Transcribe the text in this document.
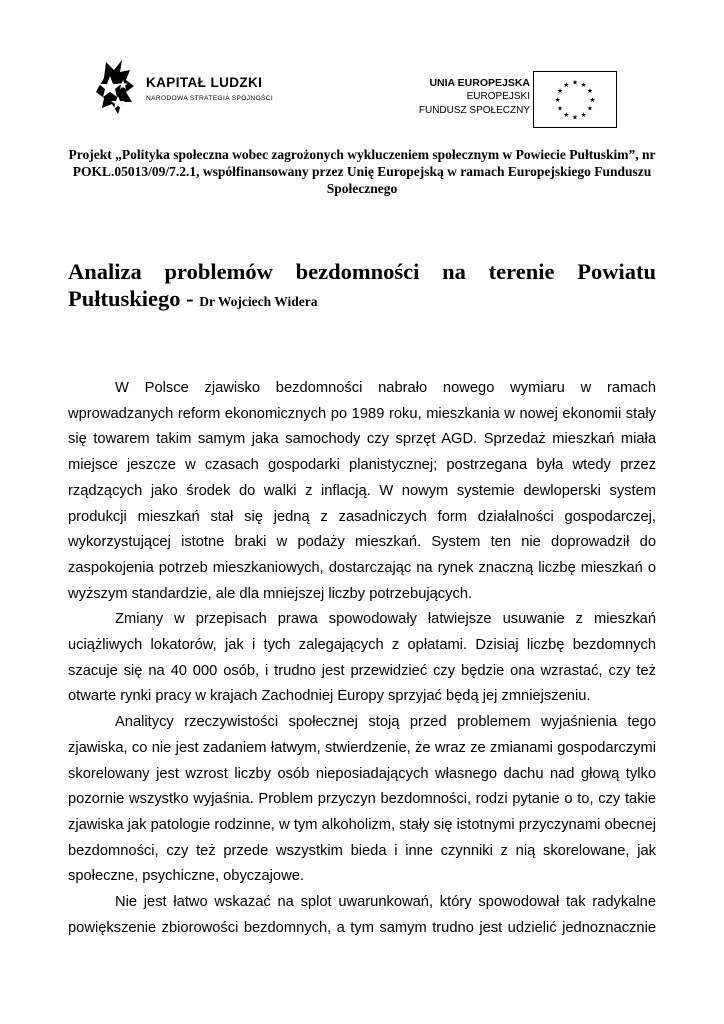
KAPITAŁ LUDZKI
NARODOWA STRATEGIA SPÓJNOŚCI
UNIA EUROPEJSKA
EUROPEJSKI
FUNDUSZ SPOŁECZNY
★ ★
★
★
★
★
★
★
★
★
★
★

Projekt „Polityka społeczna wobec zagrożonych wykluczeniem społecznym w Powiecie Pułtuskim”, nr POKL.05013/09/7.2.1, współfinansowany przez Unię Europejską w ramach Europejskiego Funduszu Społecznego

Analiza problemów bezdomności na terenie Powiatu Pułtuskiego - Dr Wojciech Widera

W Polsce zjawisko bezdomności nabrało nowego wymiaru w ramach wprowadzanych reform ekonomicznych po 1989 roku, mieszkania w nowej ekonomii stały się towarem takim samym jaka samochody czy sprzęt AGD. Sprzedaż mieszkań miała miejsce jeszcze w czasach gospodarki planistycznej; postrzegana była wtedy przez rządzących jako środek do walki z inflacją. W nowym systemie dewloperski system produkcji mieszkań stał się jedną z zasadniczych form działalności gospodarczej, wykorzystującej istotne braki w podaży mieszkań. System ten nie doprowadził do zaspokojenia potrzeb mieszkaniowych, dostarczając na rynek znaczną liczbę mieszkań o wyższym standardzie, ale dla mniejszej liczby potrzebujących.

Zmiany w przepisach prawa spowodowały łatwiejsze usuwanie z mieszkań uciążliwych lokatorów, jak i tych zalegających z opłatami. Dzisiaj liczbę bezdomnych szacuje się na 40 000 osób, i trudno jest przewidzieć czy będzie ona wzrastać, czy też otwarte rynki pracy w krajach Zachodniej Europy sprzyjać będą jej zmniejszeniu.

Analitycy rzeczywistości społecznej stoją przed problemem wyjaśnienia tego zjawiska, co nie jest zadaniem łatwym, stwierdzenie, że wraz ze zmianami gospodarczymi skorelowany jest wzrost liczby osób nieposiadających własnego dachu nad głową tylko pozornie wszystko wyjaśnia. Problem przyczyn bezdomności, rodzi pytanie o to, czy takie zjawiska jak patologie rodzinne, w tym alkoholizm, stały się istotnymi przyczynami obecnej bezdomności, czy też przede wszystkim bieda i inne czynniki z nią skorelowane, jak społeczne, psychiczne, obyczajowe.

Nie jest łatwo wskazać na splot uwarunkowań, który spowodował tak radykalne powiększenie zbiorowości bezdomnych, a tym samym trudno jest udzielić jednoznacznie
